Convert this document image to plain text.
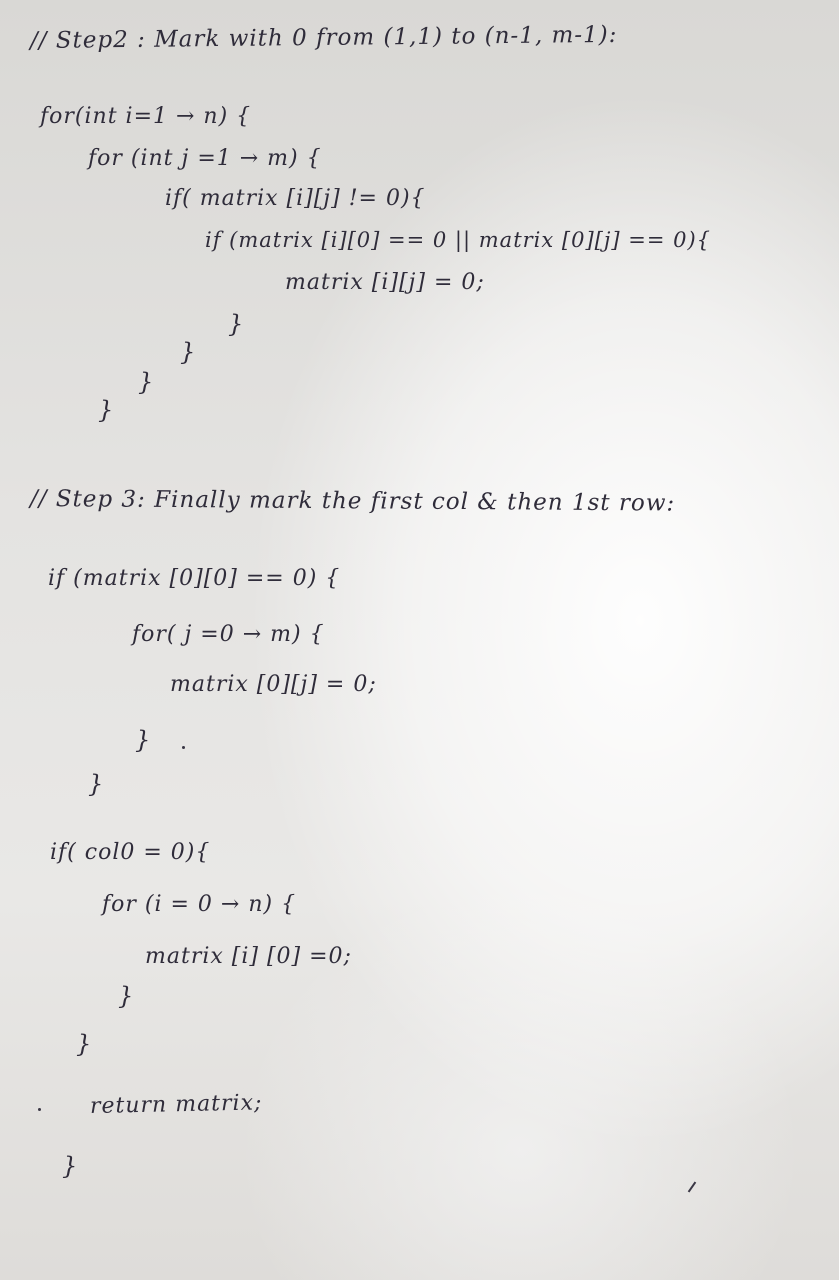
// Step2 : Mark with 0 from (1,1) to (n-1, m-1):
for(int i=1 → n) {
for (int j =1 → m) {
if( matrix [i][j] != 0){
if (matrix [i][0] == 0 || matrix [0][j] == 0){
matrix [i][j] = 0;
}
}
}
}
// Step 3: Finally mark the first col & then 1st row:
if (matrix [0][0] == 0) {
for( j =0 → m) {
matrix [0][j] = 0;
}
}
if( col0 = 0){
for (i = 0 → n) {
matrix [i] [0] =0;
}
}
return matrix;
}
